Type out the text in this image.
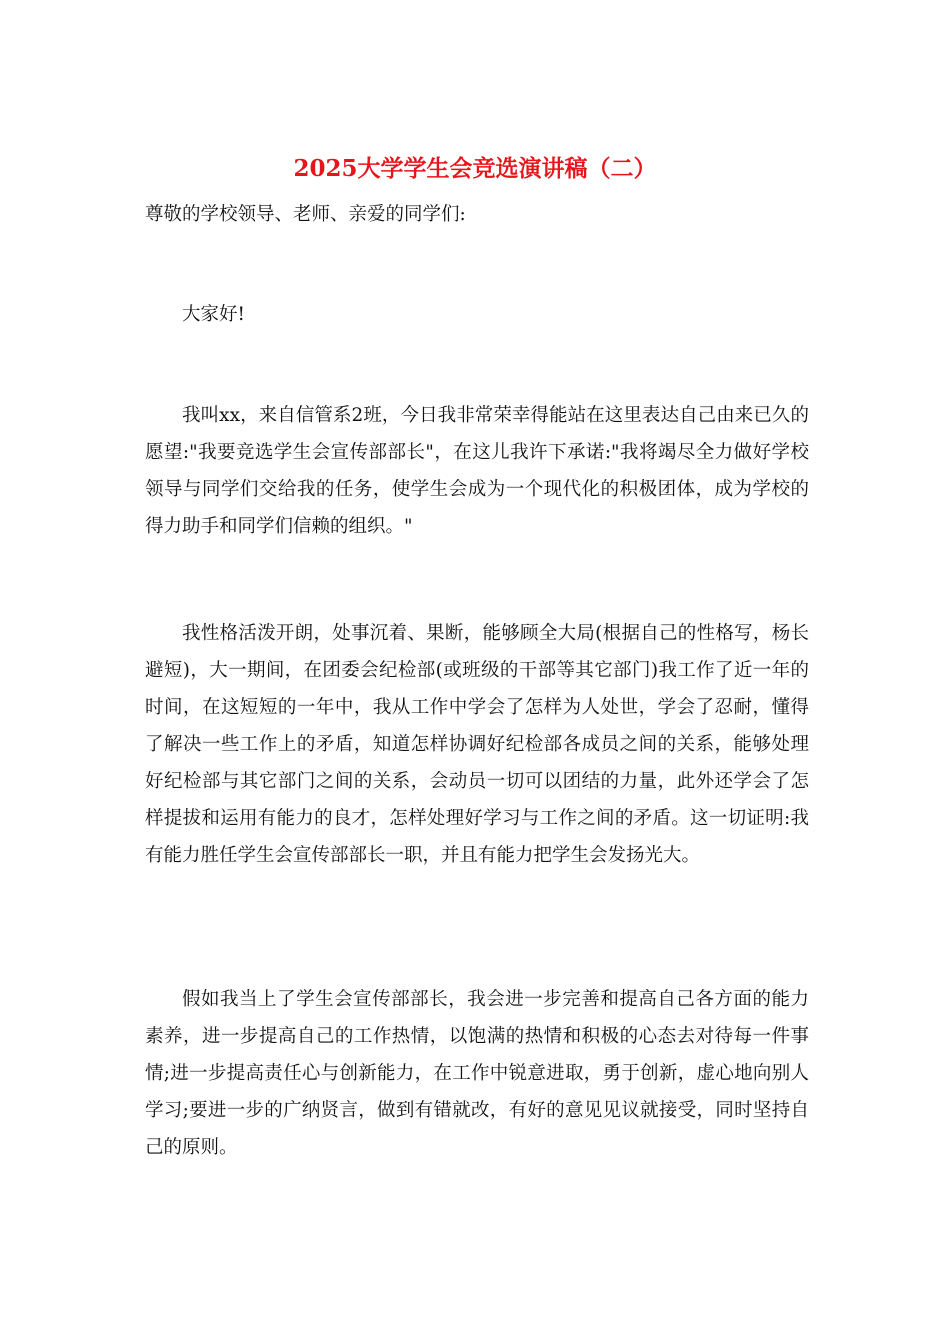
2025大学学生会竞选演讲稿（二）

尊敬的学校领导、老师、亲爱的同学们:

大家好!

我叫xx，来自信管系2班，今日我非常荣幸得能站在这里表达自己由来已久的愿望:"我要竞选学生会宣传部部长"，在这儿我许下承诺:"我将竭尽全力做好学校领导与同学们交给我的任务，使学生会成为一个现代化的积极团体，成为学校的得力助手和同学们信赖的组织。"

我性格活泼开朗，处事沉着、果断，能够顾全大局(根据自己的性格写，杨长避短)，大一期间，在团委会纪检部(或班级的干部等其它部门)我工作了近一年的时间，在这短短的一年中，我从工作中学会了怎样为人处世，学会了忍耐，懂得了解决一些工作上的矛盾，知道怎样协调好纪检部各成员之间的关系，能够处理好纪检部与其它部门之间的关系，会动员一切可以团结的力量，此外还学会了怎样提拔和运用有能力的良才，怎样处理好学习与工作之间的矛盾。这一切证明:我有能力胜任学生会宣传部部长一职，并且有能力把学生会发扬光大。

假如我当上了学生会宣传部部长，我会进一步完善和提高自己各方面的能力素养，进一步提高自己的工作热情，以饱满的热情和积极的心态去对待每一件事情;进一步提高责任心与创新能力，在工作中锐意进取，勇于创新，虚心地向别人学习;要进一步的广纳贤言，做到有错就改，有好的意见见议就接受，同时坚持自己的原则。
